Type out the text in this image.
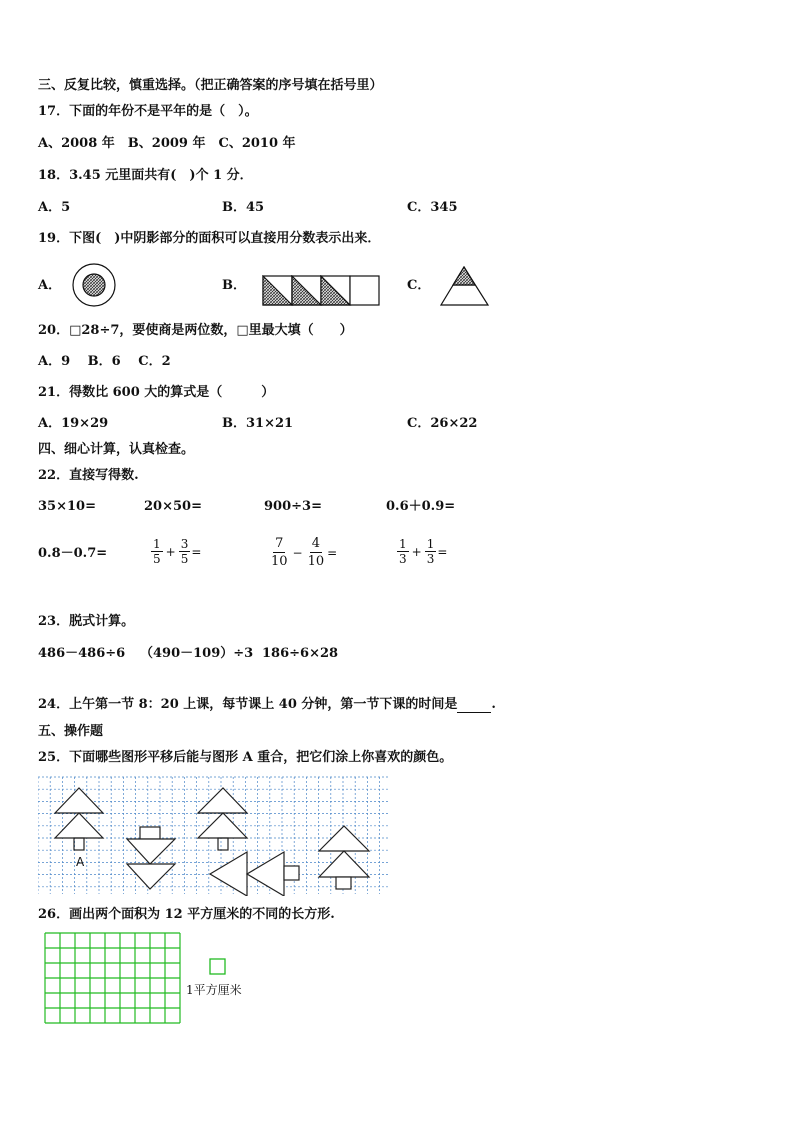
三、反复比较，慎重选择。（把正确答案的序号填在括号里）
17．下面的年份不是平年的是（　）。
A、2008 年　B、2009 年　C、2010 年
18．3.45 元里面共有(　)个 1 分．
A．5	B．45	C．345
19．下图(　)中阴影部分的面积可以直接用分数表示出来．
A．	B．	C．
20．□28÷7，要使商是两位数，□里最大填（　　）
A．9　 B．6　 C．2
21．得数比 600 大的算式是（　　　）
A．19×29	B．31×21	C．26×22
四、细心计算，认真检查。
22．直接写得数.
35×10=	20×50=	900÷3=	0.6＋0.9=
0.8－0.7=	$\frac{1}{5} + \frac{3}{5}$ =	$\frac{7}{10} - \frac{4}{10}$ =	$\frac{1}{3} + \frac{1}{3}$ =
23．脱式计算。
486－486÷6 （490－109）÷3 186÷6×28
24．上午第一节 8：20 上课，每节课上 40 分钟，第一节下课的时间是	.
五、操作题
25．下面哪些图形平移后能与图形 A 重合，把它们涂上你喜欢的颜色。
A
26．画出两个面积为 12 平方厘米的不同的长方形.
1平方厘米
